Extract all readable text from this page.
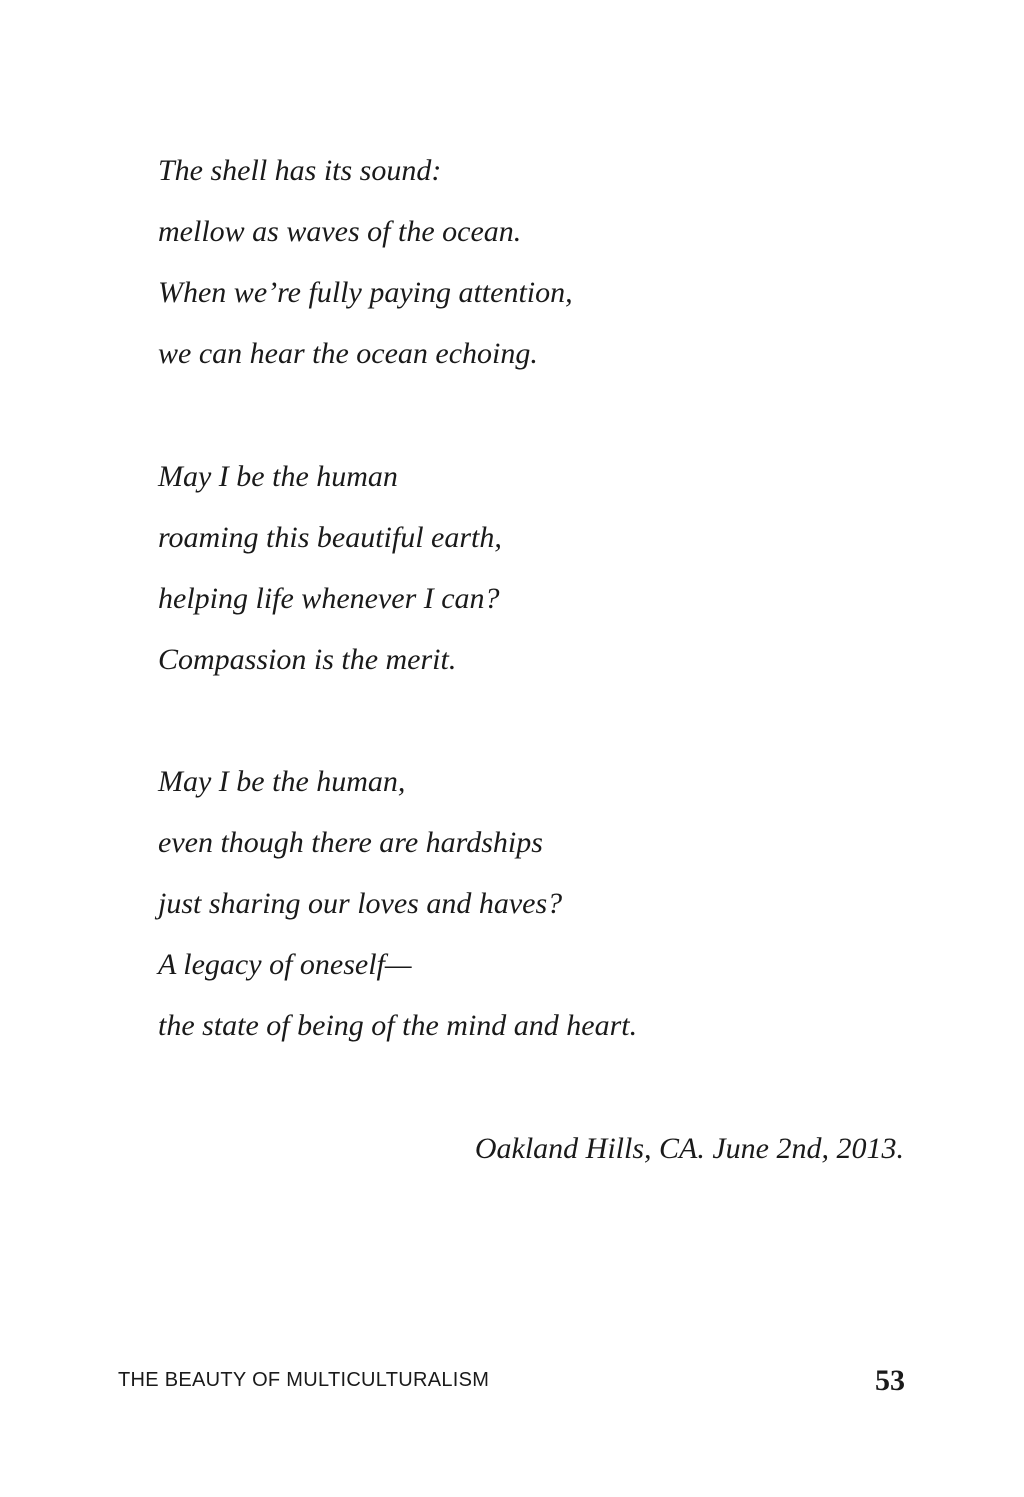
The shell has its sound:
mellow as waves of the ocean.
When we’re fully paying attention,
we can hear the ocean echoing.
May I be the human
roaming this beautiful earth,
helping life whenever I can?
Compassion is the merit.
May I be the human,
even though there are hardships
just sharing our loves and haves?
A legacy of oneself—
the state of being of the mind and heart.
Oakland Hills, CA. June 2nd, 2013.
THE BEAUTY OF MULTICULTURALISM	53
